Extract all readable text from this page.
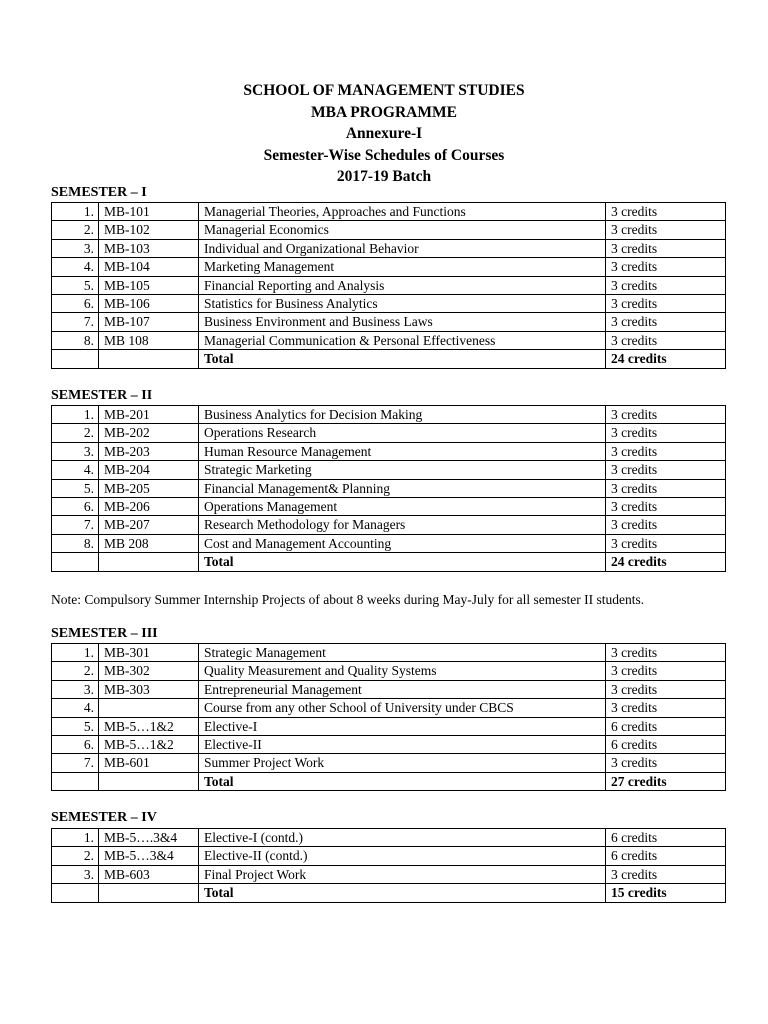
SCHOOL OF MANAGEMENT STUDIES
MBA PROGRAMME
Annexure-I
Semester-Wise Schedules of Courses
2017-19 Batch
SEMESTER – I
1.	MB-101	Managerial Theories, Approaches and Functions	3 credits
2.	MB-102	Managerial Economics	3 credits
3.	MB-103	Individual and Organizational Behavior	3 credits
4.	MB-104	Marketing Management	3 credits
5.	MB-105	Financial Reporting and Analysis	3 credits
6.	MB-106	Statistics for Business Analytics	3 credits
7.	MB-107	Business Environment and Business Laws	3 credits
8.	MB 108	Managerial Communication & Personal Effectiveness	3 credits
		Total	24 credits
SEMESTER – II
1.	MB-201	Business Analytics for Decision Making	3 credits
2.	MB-202	Operations Research	3 credits
3.	MB-203	Human Resource Management	3 credits
4.	MB-204	Strategic Marketing	3 credits
5.	MB-205	Financial Management& Planning	3 credits
6.	MB-206	Operations Management	3 credits
7.	MB-207	Research Methodology for Managers	3 credits
8.	MB 208	Cost and Management Accounting	3 credits
		Total	24 credits
Note: Compulsory Summer Internship Projects of about 8 weeks during May-July for all semester II students.
SEMESTER – III
1.	MB-301	Strategic Management	3 credits
2.	MB-302	Quality Measurement and Quality Systems	3 credits
3.	MB-303	Entrepreneurial Management	3 credits
4.		Course from any other School of University under CBCS	3 credits
5.	MB-5…1&2	Elective-I	6 credits
6.	MB-5…1&2	Elective-II	6 credits
7.	MB-601	Summer Project Work	3 credits
		Total	27 credits
SEMESTER – IV
1.	MB-5….3&4	Elective-I (contd.)	6 credits
2.	MB-5…3&4	Elective-II (contd.)	6 credits
3.	MB-603	Final Project Work	3 credits
		Total	15 credits
